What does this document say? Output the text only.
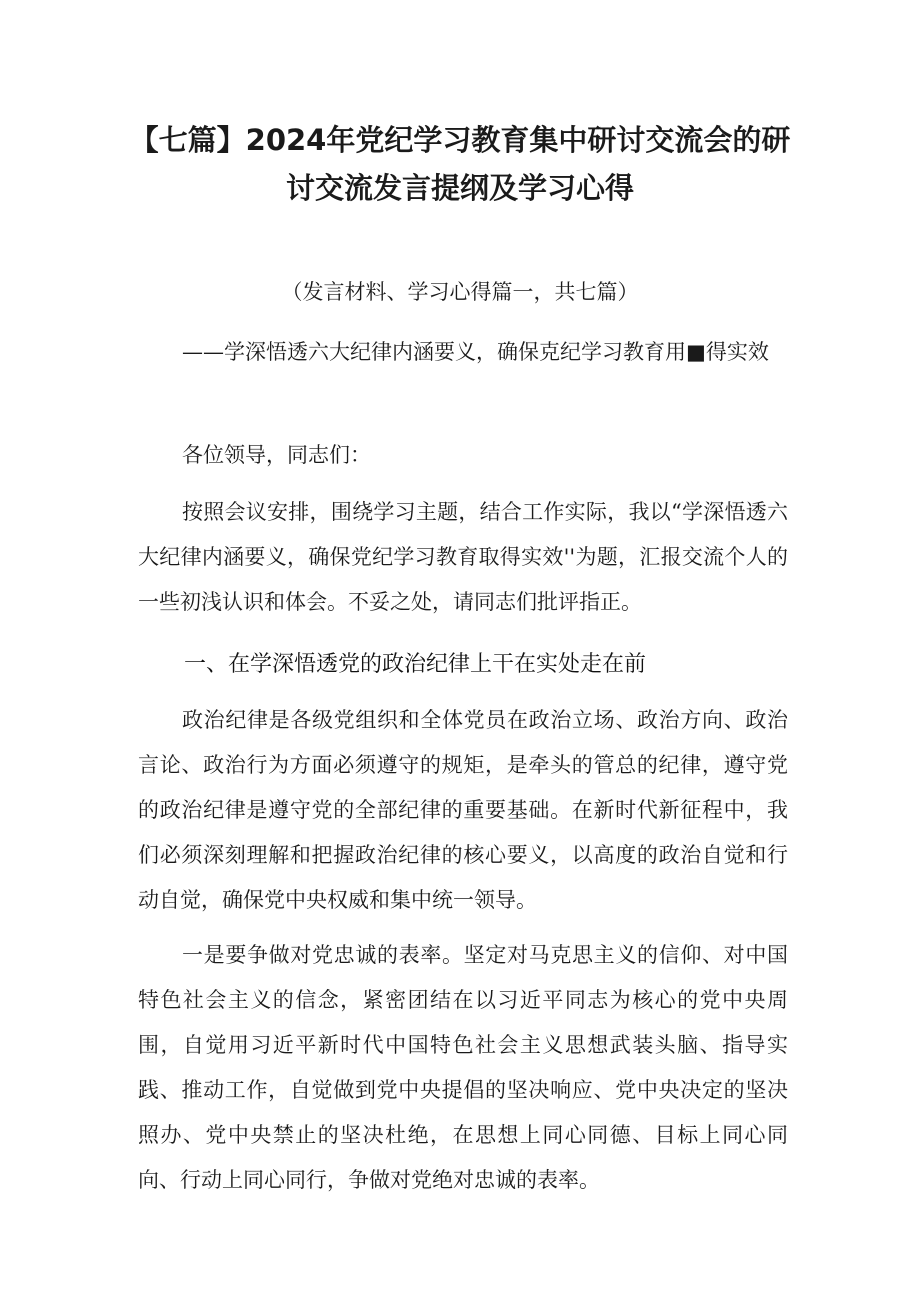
【七篇】2024年党纪学习教育集中研讨交流会的研
讨交流发言提纲及学习心得
（发言材料、学习心得篇一，共七篇）

——学深悟透六大纪律内涵要义，确保克纪学习教育用■得实效

各位领导，同志们：

按照会议安排，围绕学习主题，结合工作实际，我以“学深悟透六大纪律内涵要义，确保党纪学习教育取得实效''为题，汇报交流个人的一些初浅认识和体会。不妥之处，请同志们批评指正。

一、在学深悟透党的政治纪律上干在实处走在前

政治纪律是各级党组织和全体党员在政治立场、政治方向、政治言论、政治行为方面必须遵守的规矩，是牵头的管总的纪律，遵守党的政治纪律是遵守党的全部纪律的重要基础。在新时代新征程中，我们必须深刻理解和把握政治纪律的核心要义，以高度的政治自觉和行动自觉，确保党中央权威和集中统一领导。

一是要争做对党忠诚的表率。坚定对马克思主义的信仰、对中国特色社会主义的信念，紧密团结在以习近平同志为核心的党中央周围，自觉用习近平新时代中国特色社会主义思想武装头脑、指导实践、推动工作，自觉做到党中央提倡的坚决响应、党中央决定的坚决照办、党中央禁止的坚决杜绝，在思想上同心同德、目标上同心同向、行动上同心同行，争做对党绝对忠诚的表率。
